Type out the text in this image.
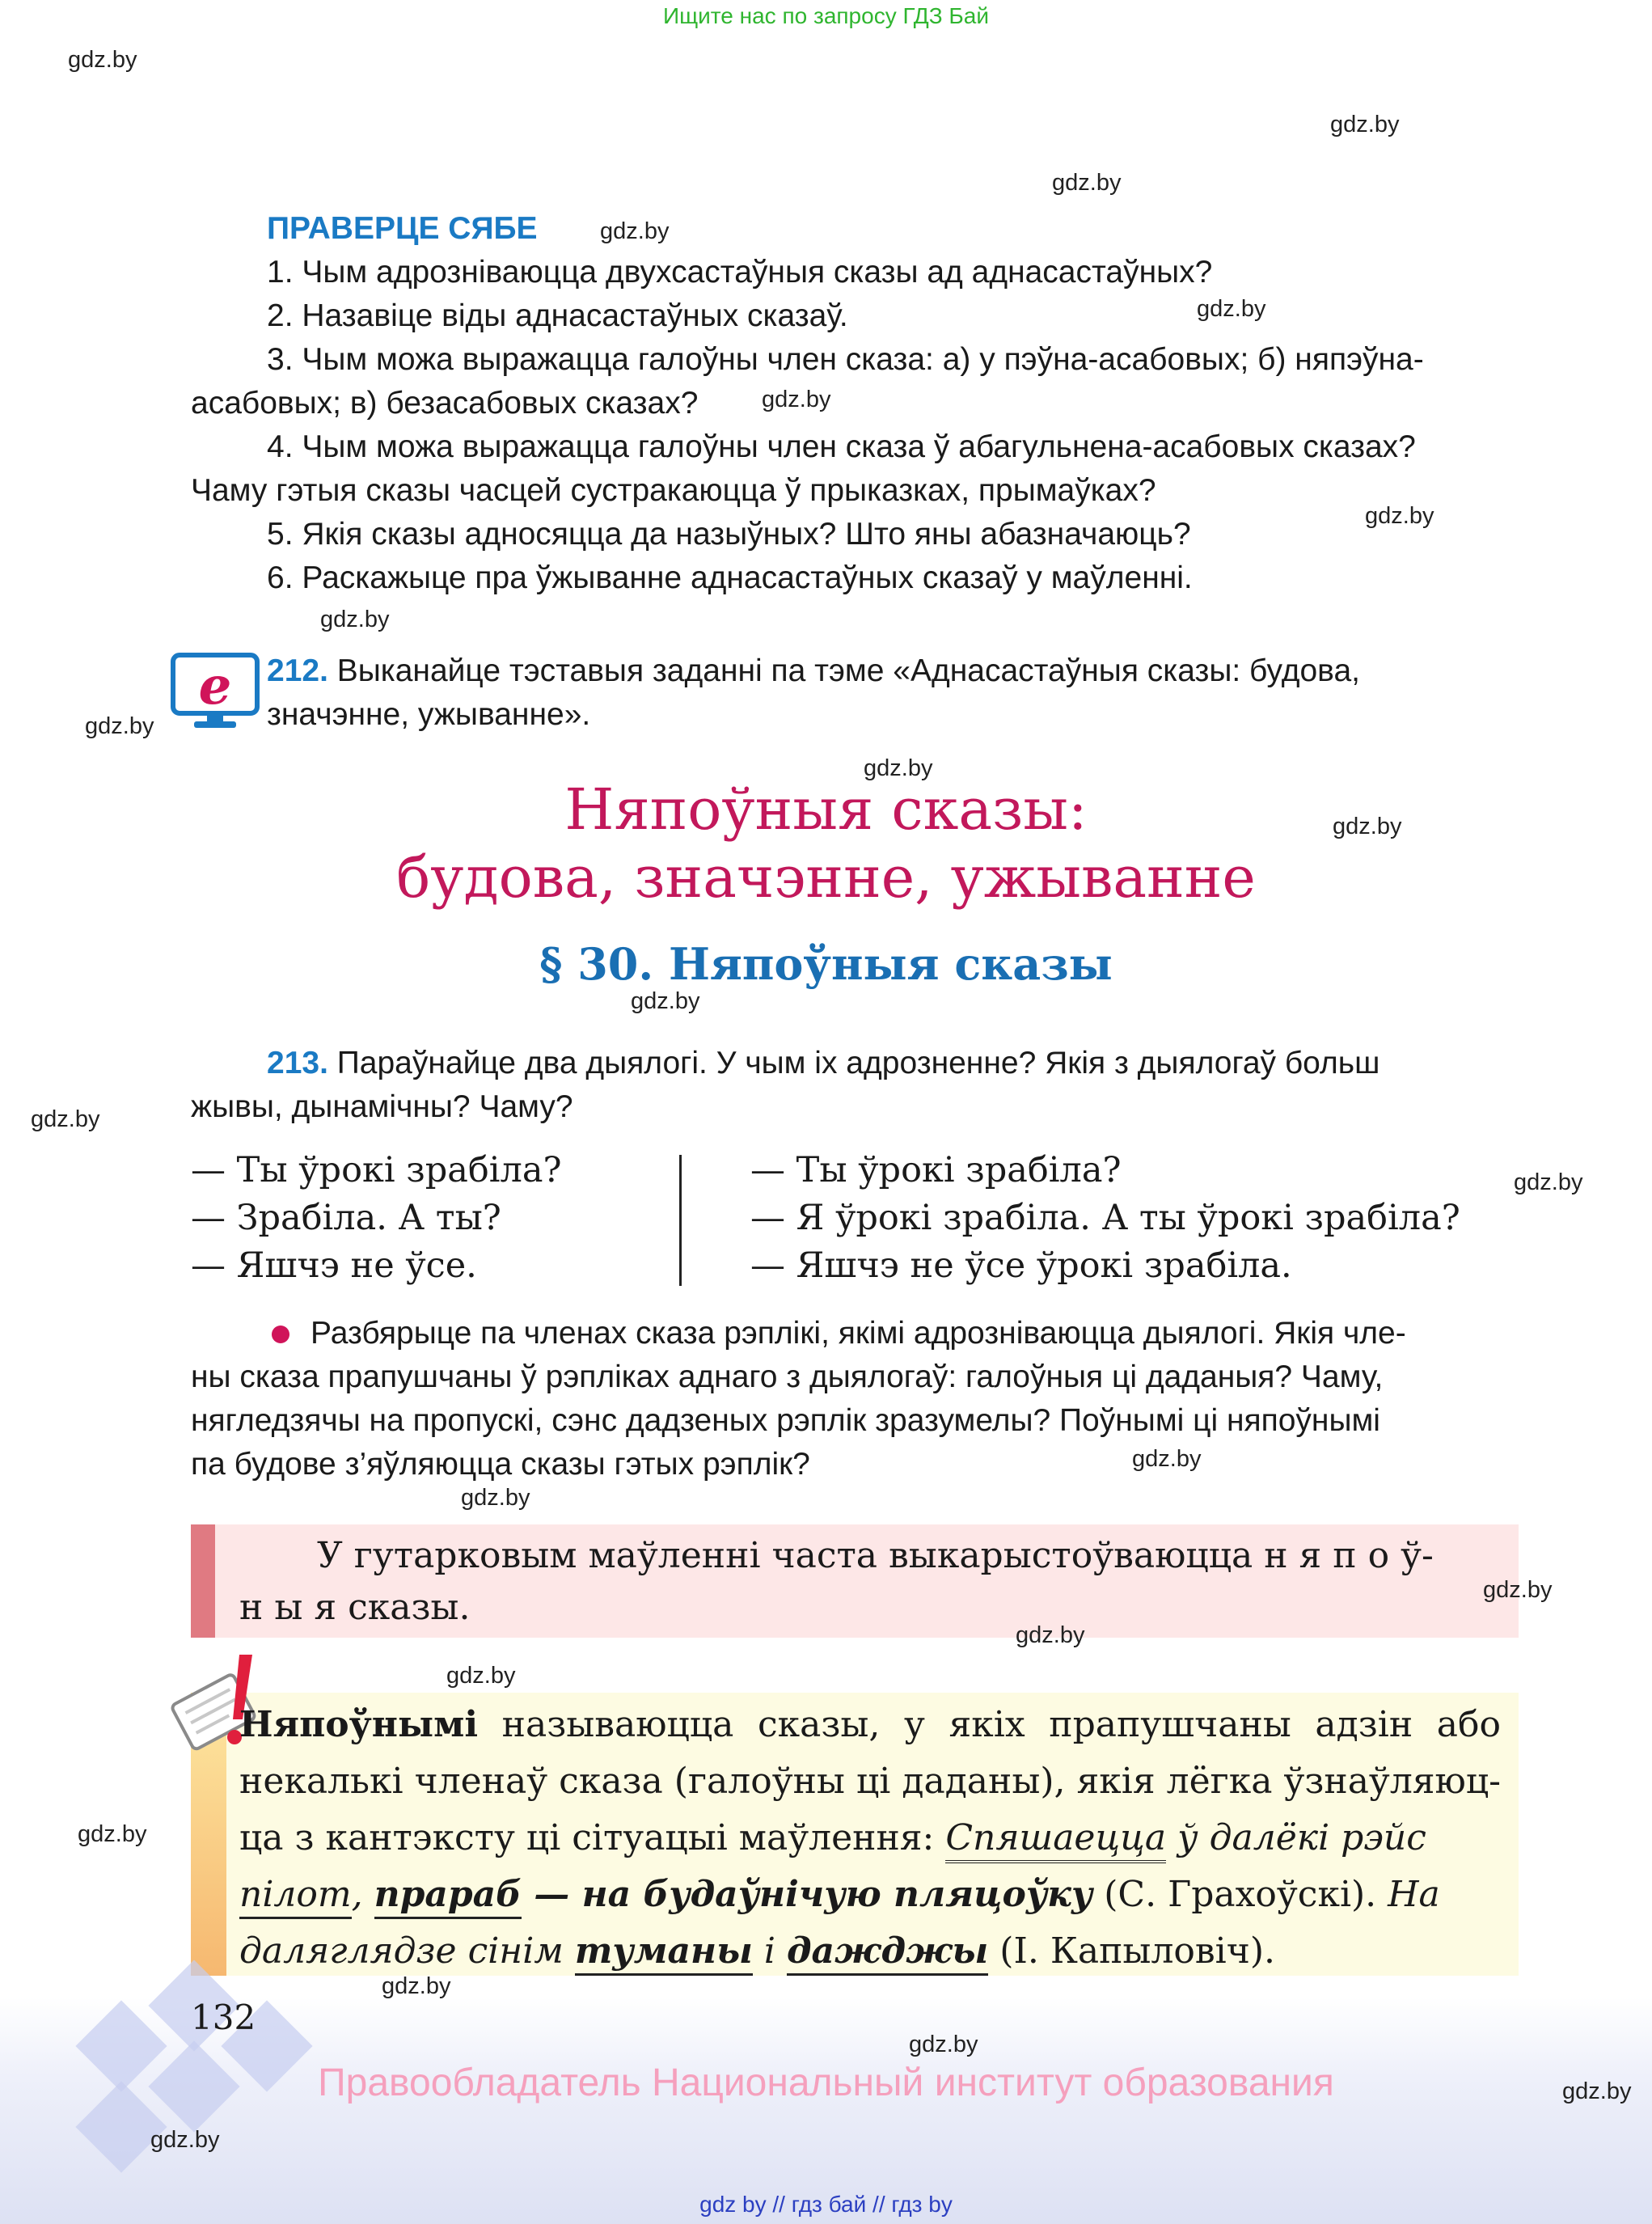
Ищите нас по запросу ГДЗ Бай
gdz.by
gdz.by
gdz.by
gdz.by
gdz.by
gdz.by
gdz.by
gdz.by
gdz.by
gdz.by
gdz.by
gdz.by
gdz.by
gdz.by
gdz.by
gdz.by
ПРАВЕРЦЕ СЯБЕ
1. Чым адрозніваюцца двухсастаўныя сказы ад аднасастаўных?
2. Назавіце віды аднасастаўных сказаў.
3. Чым можа выражацца галоўны член сказа: а) у пэўна-асабовых; б) няпэўна-
асабовых; в) безасабовых сказах?
4. Чым можа выражацца галоўны член сказа ў абагульнена-асабовых сказах?
Чаму гэтыя сказы часцей сустракаюцца ў прыказках, прымаўках?
5. Якія сказы адносяцца да назыўных? Што яны абазначаюць?
6. Раскажыце пра ўжыванне аднасастаўных сказаў у маўленні.
e 212. Выканайце тэставыя заданні па тэме «Аднасастаўныя сказы: будова,
значэнне, ужыванне».
Няпоўныя сказы:
будова, значэнне, ужыванне
§ 30. Няпоўныя сказы
213. Параўнайце два дыялогі. У чым іх адрозненне? Якія з дыялогаў больш
жывы, дынамічны? Чаму?
— Ты ўрокі зрабіла?
— Зрабіла. А ты?
— Яшчэ не ўсе.
— Ты ўрокі зрабіла?
— Я ўрокі зрабіла. А ты ўрокі зрабіла?
— Яшчэ не ўсе ўрокі зрабіла.
Разбярыце па членах сказа рэплікі, якімі адрозніваюцца дыялогі. Якія чле-
ны сказа прапушчаны ў рэпліках аднаго з дыялогаў: галоўныя ці даданыя? Чаму,
нягледзячы на пропускі, сэнс дадзеных рэплік зразумелы? Поўнымі ці няпоўнымі
па будове з’яўляюцца сказы гэтых рэплік?
У гутарковым маўленні часта выкарыстоўваюцца н я п о ў-
н ы я сказы.
Няпоўнымі называюцца сказы, у якіх прапушчаны адзін або
некалькі членаў сказа (галоўны ці даданы), якія лёгка ўзнаўляюц-
ца з кантэксту ці сітуацыі маўлення: Спяшаецца ў далёкі рэйс
пілот, прараб — на будаўнічую пляцоўку (С. Грахоўскі). На
даляглядзе сінім туманы і дажджы (І. Капыловіч).
gdz.by
gdz.by
gdz.by
gdz.by
gdz.by
gdz.by
gdz.by
gdz.by
132
Правообладатель Национальный институт образования
gdz by // гдз бай // гдз by
